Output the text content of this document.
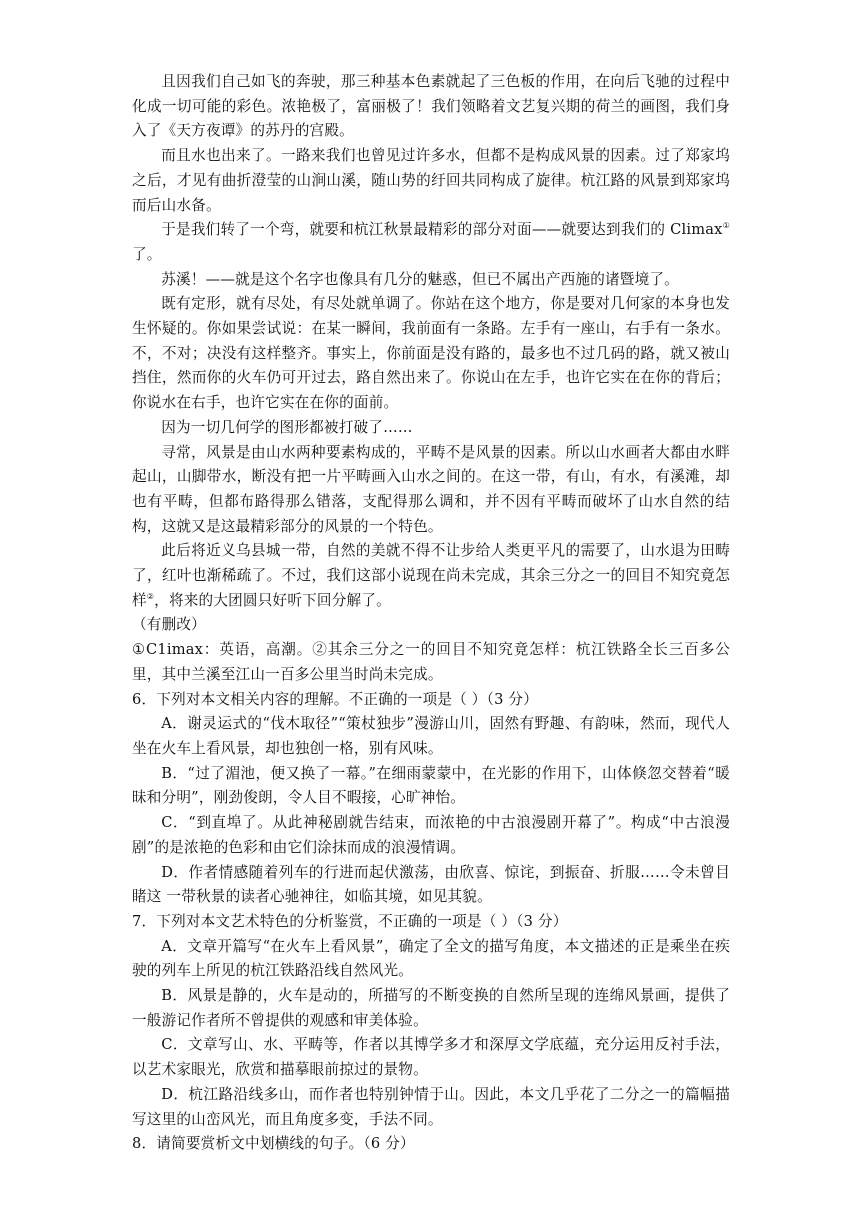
且因我们自己如飞的奔驶，那三种基本色素就起了三色板的作用，在向后飞驰的过程中化成一切可能的彩色。浓艳极了，富丽极了！我们领略着文艺复兴期的荷兰的画图，我们身入了《天方夜谭》的苏丹的宫殿。

而且水也出来了。一路来我们也曾见过许多水，但都不是构成风景的因素。过了郑家坞之后，才见有曲折澄莹的山涧山溪，随山势的纡回共同构成了旋律。杭江路的风景到郑家坞而后山水备。

于是我们转了一个弯，就要和杭江秋景最精彩的部分对面——就要达到我们的 Climax①了。

苏溪！——就是这个名字也像具有几分的魅惑，但已不属出产西施的诸暨境了。

既有定形，就有尽处，有尽处就单调了。你站在这个地方，你是要对几何家的本身也发生怀疑的。你如果尝试说：在某一瞬间，我前面有一条路。左手有一座山，右手有一条水。不，不对；决没有这样整齐。事实上，你前面是没有路的，最多也不过几码的路，就又被山挡住，然而你的火车仍可开过去，路自然出来了。你说山在左手，也许它实在在你的背后；你说水在右手，也许它实在在你的面前。

因为一切几何学的图形都被打破了……

寻常，风景是由山水两种要素构成的，平畴不是风景的因素。所以山水画者大都由水畔起山，山脚带水，断没有把一片平畴画入山水之间的。在这一带，有山，有水，有溪滩，却也有平畴，但都布路得那么错落，支配得那么调和，并不因有平畴而破坏了山水自然的结构，这就又是这最精彩部分的风景的一个特色。

此后将近义乌县城一带，自然的美就不得不让步给人类更平凡的需要了，山水退为田畴了，红叶也渐稀疏了。不过，我们这部小说现在尚未完成，其余三分之一的回目不知究竟怎样②，将来的大团圆只好听下回分解了。

（有删改）

①C1imax：英语，高潮。②其余三分之一的回目不知究竟怎样：杭江铁路全长三百多公里，其中兰溪至江山一百多公里当时尚未完成。

6．下列对本文相关内容的理解。不正确的一项是（ ）（3 分）

A．谢灵运式的“伐木取径”“策杖独步”漫游山川，固然有野趣、有韵味，然而，现代人 坐在火车上看风景，却也独创一格，别有风味。

B．“过了湄池，便又换了一幕。”在细雨蒙蒙中，在光影的作用下，山体倏忽交替着“暖昧和分明”，刚劲俊朗，令人目不暇接，心旷神怡。

C．“到直埠了。从此神秘剧就告结束，而浓艳的中古浪漫剧开幕了”。构成“中古浪漫剧”的是浓艳的色彩和由它们涂抹而成的浪漫情调。

D．作者情感随着列车的行进而起伏激荡，由欣喜、惊诧，到振奋、折服……令未曾目睹这 一带秋景的读者心驰神往，如临其境，如见其貌。

7．下列对本文艺术特色的分析鉴赏，不正确的一项是（ ）（3 分）

A．文章开篇写“在火车上看风景”，确定了全文的描写角度，本文描述的正是乘坐在疾驶的列车上所见的杭江铁路沿线自然风光。

B．风景是静的，火车是动的，所描写的不断变换的自然所呈现的连绵风景画，提供了一般游记作者所不曾提供的观感和审美体验。

C．文章写山、水、平畴等，作者以其博学多才和深厚文学底蕴，充分运用反衬手法，以艺术家眼光，欣赏和描摹眼前掠过的景物。

D．杭江路沿线多山，而作者也特别钟情于山。因此，本文几乎花了二分之一的篇幅描写这里的山峦风光，而且角度多变，手法不同。

8．请简要赏析文中划横线的句子。（6 分）
